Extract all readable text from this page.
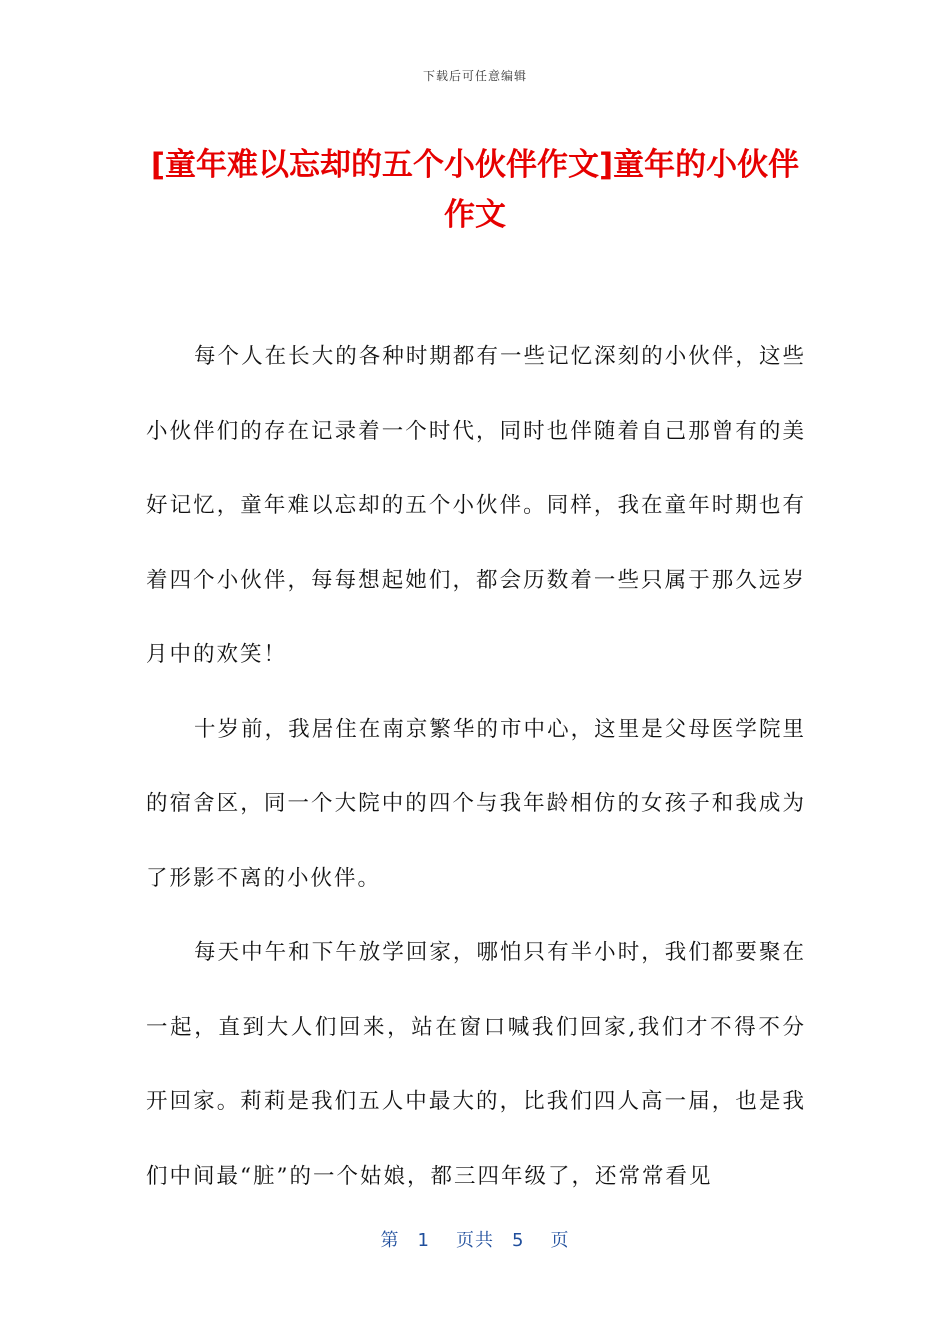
下载后可任意编辑
[童年难以忘却的五个小伙伴作文]童年的小伙伴作文

每个人在长大的各种时期都有一些记忆深刻的小伙伴，这些小伙伴们的存在记录着一个时代，同时也伴随着自己那曾有的美好记忆，童年难以忘却的五个小伙伴。同样，我在童年时期也有着四个小伙伴，每每想起她们，都会历数着一些只属于那久远岁月中的欢笑！

十岁前，我居住在南京繁华的市中心，这里是父母医学院里的宿舍区，同一个大院中的四个与我年龄相仿的女孩子和我成为了形影不离的小伙伴。

每天中午和下午放学回家，哪怕只有半小时，我们都要聚在一起，直到大人们回来，站在窗口喊我们回家,我们才不得不分开回家。莉莉是我们五人中最大的，比我们四人高一届，也是我们中间最“脏”的一个姑娘，都三四年级了，还常常看见

第 1 页共 5 页
